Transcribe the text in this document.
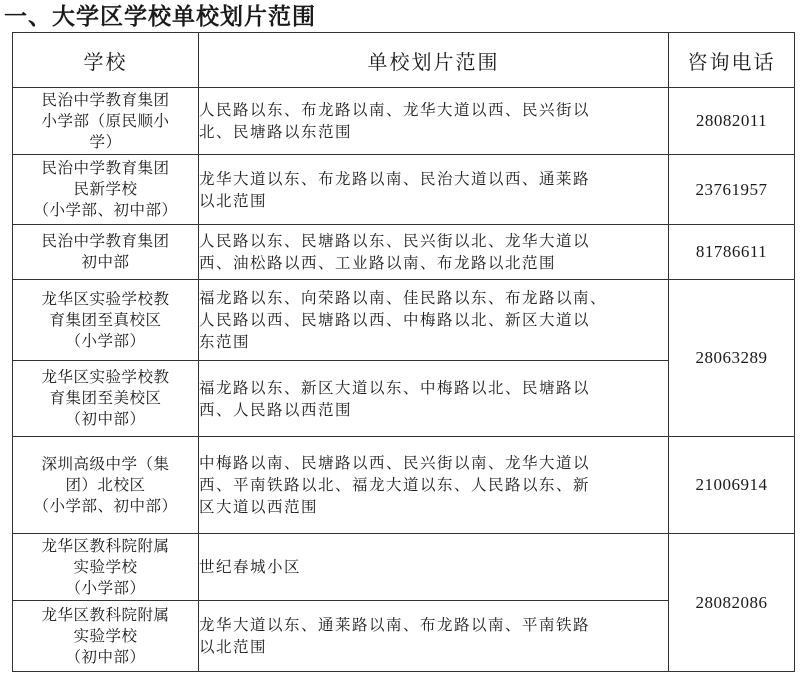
一、大学区学校单校划片范围
学校	单校划片范围	咨询电话

民治中学教育集团
小学部（原民顺小
学）	人民路以东、布龙路以南、龙华大道以西、民兴街以
北、民塘路以东范围	28082011

民治中学教育集团
民新学校
（小学部、初中部）	龙华大道以东、布龙路以南、民治大道以西、通莱路
以北范围	23761957

民治中学教育集团
初中部	人民路以东、民塘路以东、民兴街以北、龙华大道以
西、油松路以西、工业路以南、布龙路以北范围	81786611

龙华区实验学校教
育集团至真校区
（小学部）	福龙路以东、向荣路以南、佳民路以东、布龙路以南、
人民路以西、民塘路以西、中梅路以北、新区大道以
东范围	28063289

龙华区实验学校教
育集团至美校区
（初中部）	福龙路以东、新区大道以东、中梅路以北、民塘路以
西、人民路以西范围	

深圳高级中学（集
团）北校区
（小学部、初中部）	中梅路以南、民塘路以西、民兴街以南、龙华大道以
西、平南铁路以北、福龙大道以东、人民路以东、新
区大道以西范围	21006914

龙华区教科院附属
实验学校
（小学部）	世纪春城小区	28082086

龙华区教科院附属
实验学校
（初中部）	龙华大道以东、通莱路以南、布龙路以南、平南铁路
以北范围	
